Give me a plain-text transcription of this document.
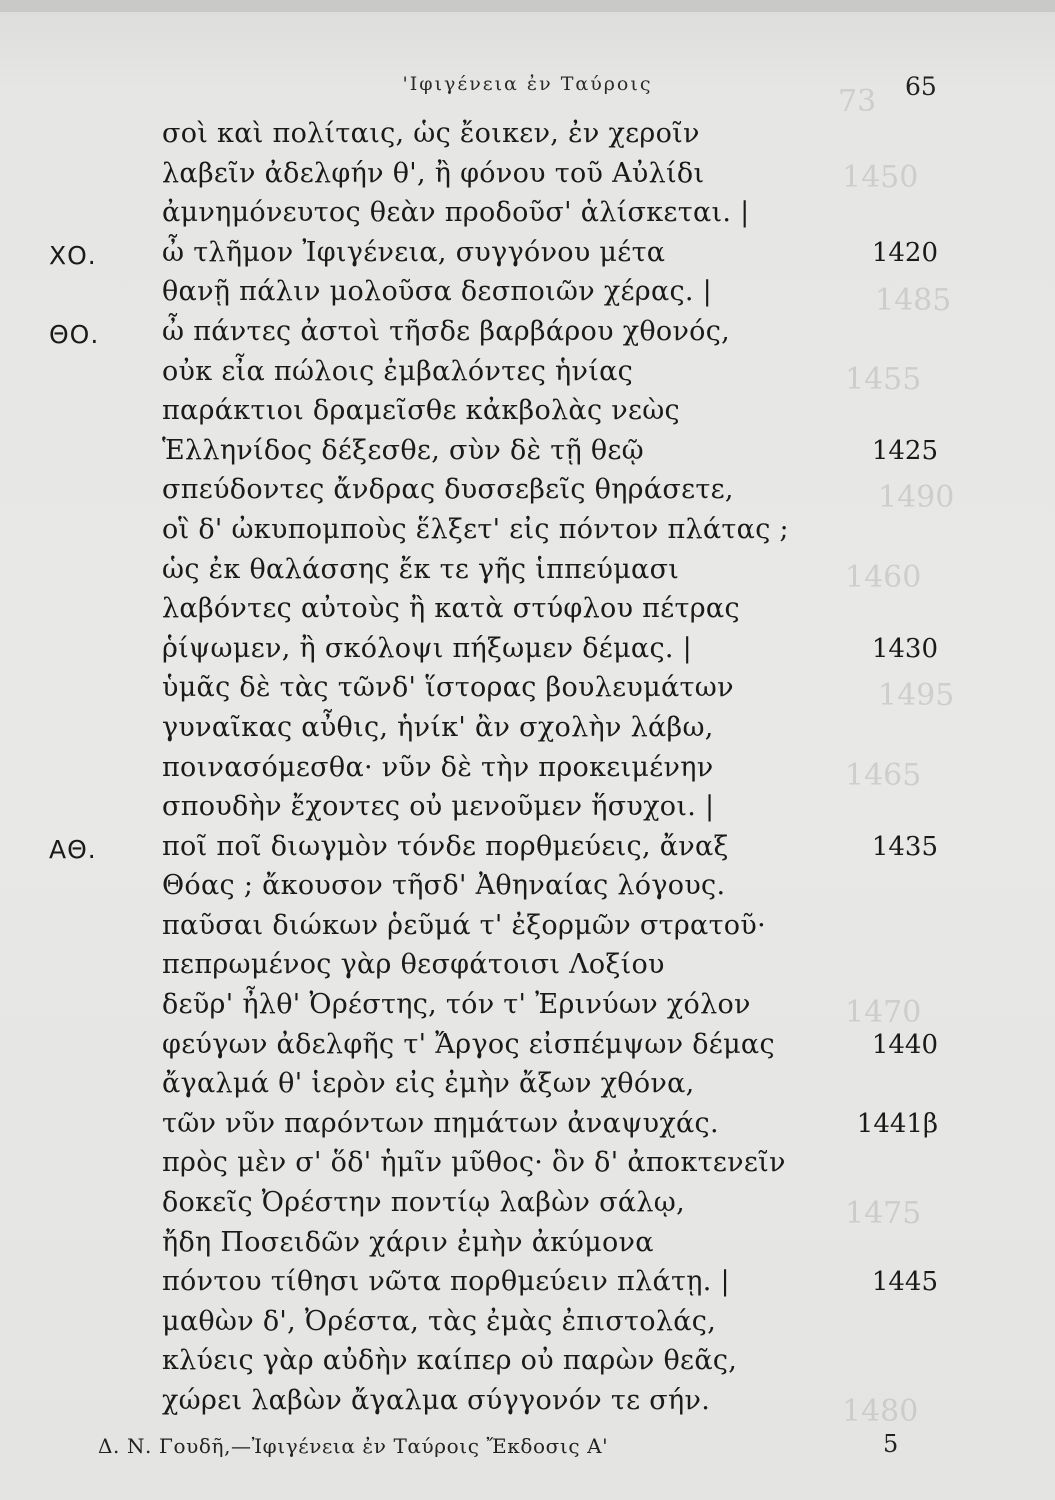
73
1450
1485
1455
1490
1460
1495
1465
1470
1475
1480
'Ιφιγένεια ἐν Ταύροις	65
σοὶ καὶ πολίταις, ὡς ἔοικεν, ἐν χεροῖν
λαβεῖν ἀδελφήν θ', ἢ φόνου τοῦ Αὐλίδι
ἀμνημόνευτος θεὰν προδοῦσ' ἁλίσκεται. |
ΧΟ. ὦ τλῆμον Ἰφιγένεια, συγγόνου μέτα	1420
θανῇ πάλιν μολοῦσα δεσποιῶν χέρας. |
ΘΟ. ὦ πάντες ἀστοὶ τῆσδε βαρβάρου χθονός,
οὐκ εἶα πώλοις ἐμβαλόντες ἡνίας
παράκτιοι δραμεῖσθε κἀκβολὰς νεὼς
Ἑλληνίδος δέξεσθε, σὺν δὲ τῇ θεῷ	1425
σπεύδοντες ἄνδρας δυσσεβεῖς θηράσετε,
οἳ δ' ὠκυπομποὺς ἕλξετ' εἰς πόντον πλάτας ;
ὡς ἐκ θαλάσσης ἔκ τε γῆς ἱππεύμασι
λαβόντες αὐτοὺς ἢ κατὰ στύφλου πέτρας
ῥίψωμεν, ἢ σκόλοψι πήξωμεν δέμας. |	1430
ὑμᾶς δὲ τὰς τῶνδ' ἵστορας βουλευμάτων
γυναῖκας αὖθις, ἡνίκ' ἂν σχολὴν λάβω,
ποινασόμεσθα· νῦν δὲ τὴν προκειμένην
σπουδὴν ἔχοντες οὐ μενοῦμεν ἥσυχοι. |
ΑΘ. ποῖ ποῖ διωγμὸν τόνδε πορθμεύεις, ἄναξ	1435
Θόας ; ἄκουσον τῆσδ' Ἀθηναίας λόγους.
παῦσαι διώκων ῥεῦμά τ' ἐξορμῶν στρατοῦ·
πεπρωμένος γὰρ θεσφάτοισι Λοξίου
δεῦρ' ἦλθ' Ὀρέστης, τόν τ' Ἐρινύων χόλον
φεύγων ἀδελφῆς τ' Ἄργος εἰσπέμψων δέμας	1440
ἄγαλμά θ' ἱερὸν εἰς ἐμὴν ἄξων χθόνα,
τῶν νῦν παρόντων πημάτων ἀναψυχάς.	1441β
πρὸς μὲν σ' ὅδ' ἡμῖν μῦθος· ὃν δ' ἀποκτενεῖν
δοκεῖς Ὀρέστην ποντίῳ λαβὼν σάλῳ,
ἤδη Ποσειδῶν χάριν ἐμὴν ἀκύμονα
πόντου τίθησι νῶτα πορθμεύειν πλάτῃ. |	1445
μαθὼν δ', Ὀρέστα, τὰς ἐμὰς ἐπιστολάς,
κλύεις γὰρ αὐδὴν καίπερ οὐ παρὼν θεᾶς,
χώρει λαβὼν ἄγαλμα σύγγονόν τε σήν.
Δ. Ν. Γουδῆ,—Ἰφιγένεια ἐν Ταύροις Ἔκδοσις Α'	5
